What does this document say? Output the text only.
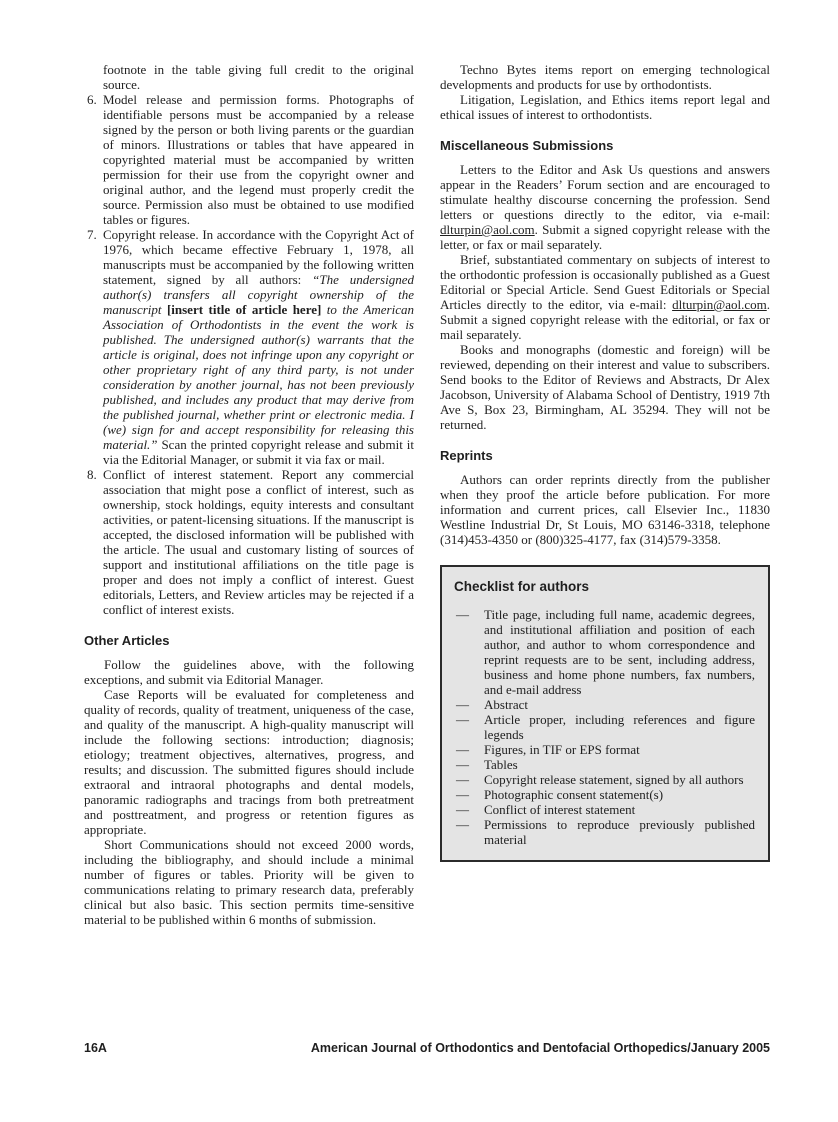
footnote in the table giving full credit to the original source.

6. Model release and permission forms. Photographs of identifiable persons must be accompanied by a release signed by the person or both living parents or the guardian of minors. Illustrations or tables that have appeared in copyrighted material must be accompanied by written permission for their use from the copyright owner and original author, and the legend must properly credit the source. Permission also must be obtained to use modified tables or figures.
7. Copyright release. In accordance with the Copyright Act of 1976, which became effective February 1, 1978, all manuscripts must be accompanied by the following written statement, signed by all authors: “The undersigned author(s) transfers all copyright ownership of the manuscript [insert title of article here] to the American Association of Orthodontists in the event the work is published. The undersigned author(s) warrants that the article is original, does not infringe upon any copyright or other proprietary right of any third party, is not under consideration by another journal, has not been previously published, and includes any product that may derive from the published journal, whether print or electronic media. I (we) sign for and accept responsibility for releasing this material.” Scan the printed copyright release and submit it via the Editorial Manager, or submit it via fax or mail.
8. Conflict of interest statement. Report any commercial association that might pose a conflict of interest, such as ownership, stock holdings, equity interests and consultant activities, or patent-licensing situations. If the manuscript is accepted, the disclosed information will be published with the article. The usual and customary listing of sources of support and institutional affiliations on the title page is proper and does not imply a conflict of interest. Guest editorials, Letters, and Review articles may be rejected if a conflict of interest exists.
Other Articles

Follow the guidelines above, with the following exceptions, and submit via Editorial Manager.

Case Reports will be evaluated for completeness and quality of records, quality of treatment, uniqueness of the case, and quality of the manuscript. A high-quality manuscript will include the following sections: introduction; diagnosis; etiology; treatment objectives, alternatives, progress, and results; and discussion. The submitted figures should include extraoral and intraoral photographs and dental models, panoramic radiographs and tracings from both pretreatment and posttreatment, and progress or retention figures as appropriate.

Short Communications should not exceed 2000 words, including the bibliography, and should include a minimal number of figures or tables. Priority will be given to communications relating to primary research data, preferably clinical but also basic. This section permits time-sensitive material to be published within 6 months of submission.

Techno Bytes items report on emerging technological developments and products for use by orthodontists.

Litigation, Legislation, and Ethics items report legal and ethical issues of interest to orthodontists.

Miscellaneous Submissions

Letters to the Editor and Ask Us questions and answers appear in the Readers’ Forum section and are encouraged to stimulate healthy discourse concerning the profession. Send letters or questions directly to the editor, via e-mail: dlturpin@aol.com. Submit a signed copyright release with the letter, or fax or mail separately.

Brief, substantiated commentary on subjects of interest to the orthodontic profession is occasionally published as a Guest Editorial or Special Article. Send Guest Editorials or Special Articles directly to the editor, via e-mail: dlturpin@aol.com. Submit a signed copyright release with the editorial, or fax or mail separately.

Books and monographs (domestic and foreign) will be reviewed, depending on their interest and value to subscribers. Send books to the Editor of Reviews and Abstracts, Dr Alex Jacobson, University of Alabama School of Dentistry, 1919 7th Ave S, Box 23, Birmingham, AL 35294. They will not be returned.

Reprints

Authors can order reprints directly from the publisher when they proof the article before publication. For more information and current prices, call Elsevier Inc., 11830 Westline Industrial Dr, St Louis, MO 63146-3318, telephone (314)453-4350 or (800)325-4177, fax (314)579-3358.

Checklist for authors
—	Title page, including full name, academic degrees, and institutional affiliation and position of each author, and author to whom correspondence and reprint requests are to be sent, including address, business and home phone numbers, fax numbers, and e-mail address
—	Abstract
—	Article proper, including references and figure legends
—	Figures, in TIF or EPS format
—	Tables
—	Copyright release statement, signed by all authors
—	Photographic consent statement(s)
—	Conflict of interest statement
—	Permissions to reproduce previously published material
16A	American Journal of Orthodontics and Dentofacial Orthopedics/January 2005
